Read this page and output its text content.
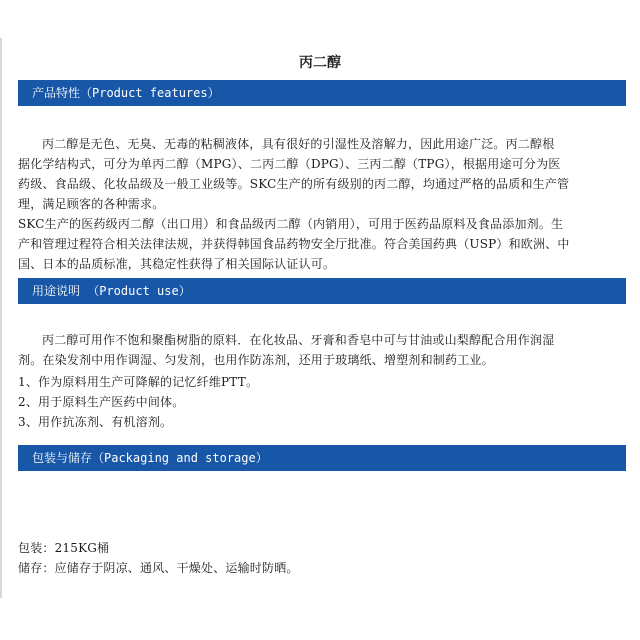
丙二醇
产品特性（Product features）
丙二醇是无色、无臭、无毒的粘稠液体，具有很好的引湿性及溶解力，因此用途广泛。丙二醇根
据化学结构式，可分为单丙二醇（MPG）、二丙二醇（DPG）、三丙二醇（TPG），根据用途可分为医
药级、食品级、化妆品级及一般工业级等。SKC生产的所有级别的丙二醇，均通过严格的品质和生产管
理，满足顾客的各种需求。
SKC生产的医药级丙二醇（出口用）和食品级丙二醇（内销用），可用于医药品原料及食品添加剂。生
产和管理过程符合相关法律法规，并获得韩国食品药物安全厅批准。符合美国药典（USP）和欧洲、中
国、日本的品质标准，其稳定性获得了相关国际认证认可。
用途说明 （Product use）
丙二醇可用作不饱和聚酯树脂的原料．在化妆品、牙膏和香皂中可与甘油或山梨醇配合用作润湿
剂。在染发剂中用作调湿、匀发剂，也用作防冻剂，还用于玻璃纸、增塑剂和制药工业。
1、作为原料用生产可降解的记忆纤维PTT。
2、用于原料生产医药中间体。
3、用作抗冻剂、有机溶剂。
包装与储存（Packaging and storage）
包装：215KG桶
储存：应储存于阴凉、通风、干燥处、运输时防晒。
